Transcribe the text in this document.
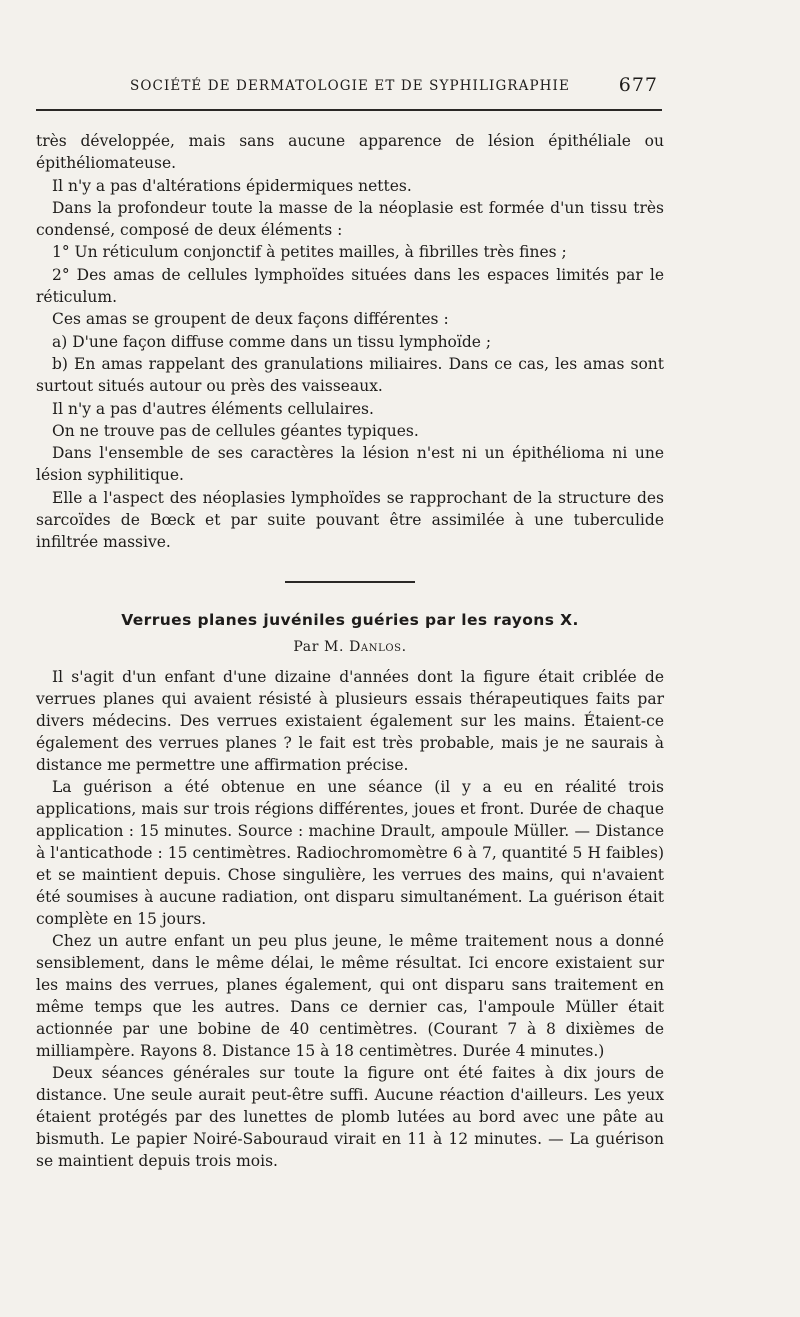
SOCIÉTÉ DE DERMATOLOGIE ET DE SYPHILIGRAPHIE	677

très développée, mais sans aucune apparence de lésion épithéliale ou épithéliomateuse.

Il n'y a pas d'altérations épidermiques nettes.

Dans la profondeur toute la masse de la néoplasie est formée d'un tissu très condensé, composé de deux éléments :

1° Un réticulum conjonctif à petites mailles, à fibrilles très fines ;

2° Des amas de cellules lymphoïdes situées dans les espaces limités par le réticulum.

Ces amas se groupent de deux façons différentes :

a) D'une façon diffuse comme dans un tissu lymphoïde ;

b) En amas rappelant des granulations miliaires. Dans ce cas, les amas sont surtout situés autour ou près des vaisseaux.

Il n'y a pas d'autres éléments cellulaires.

On ne trouve pas de cellules géantes typiques.

Dans l'ensemble de ses caractères la lésion n'est ni un épithélioma ni une lésion syphilitique.

Elle a l'aspect des néoplasies lymphoïdes se rapprochant de la structure des sarcoïdes de Bœck et par suite pouvant être assimilée à une tuberculide infiltrée massive.

Verrues planes juvéniles guéries par les rayons X.
Par M. Danlos.

Il s'agit d'un enfant d'une dizaine d'années dont la figure était criblée de verrues planes qui avaient résisté à plusieurs essais thérapeutiques faits par divers médecins. Des verrues existaient également sur les mains. Étaient-ce également des verrues planes ? le fait est très probable, mais je ne saurais à distance me permettre une affirmation précise.

La guérison a été obtenue en une séance (il y a eu en réalité trois applications, mais sur trois régions différentes, joues et front. Durée de chaque application : 15 minutes. Source : machine Drault, ampoule Müller. — Distance à l'anticathode : 15 centimètres. Radiochromomètre 6 à 7, quantité 5 H faibles) et se maintient depuis. Chose singulière, les verrues des mains, qui n'avaient été soumises à aucune radiation, ont disparu simultanément. La guérison était complète en 15 jours.

Chez un autre enfant un peu plus jeune, le même traitement nous a donné sensiblement, dans le même délai, le même résultat. Ici encore existaient sur les mains des verrues, planes également, qui ont disparu sans traitement en même temps que les autres. Dans ce dernier cas, l'ampoule Müller était actionnée par une bobine de 40 centimètres. (Courant 7 à 8 dixièmes de milliampère. Rayons 8. Distance 15 à 18 centimètres. Durée 4 minutes.)

Deux séances générales sur toute la figure ont été faites à dix jours de distance. Une seule aurait peut-être suffi. Aucune réaction d'ailleurs. Les yeux étaient protégés par des lunettes de plomb lutées au bord avec une pâte au bismuth. Le papier Noiré-Sabouraud virait en 11 à 12 minutes. — La guérison se maintient depuis trois mois.
